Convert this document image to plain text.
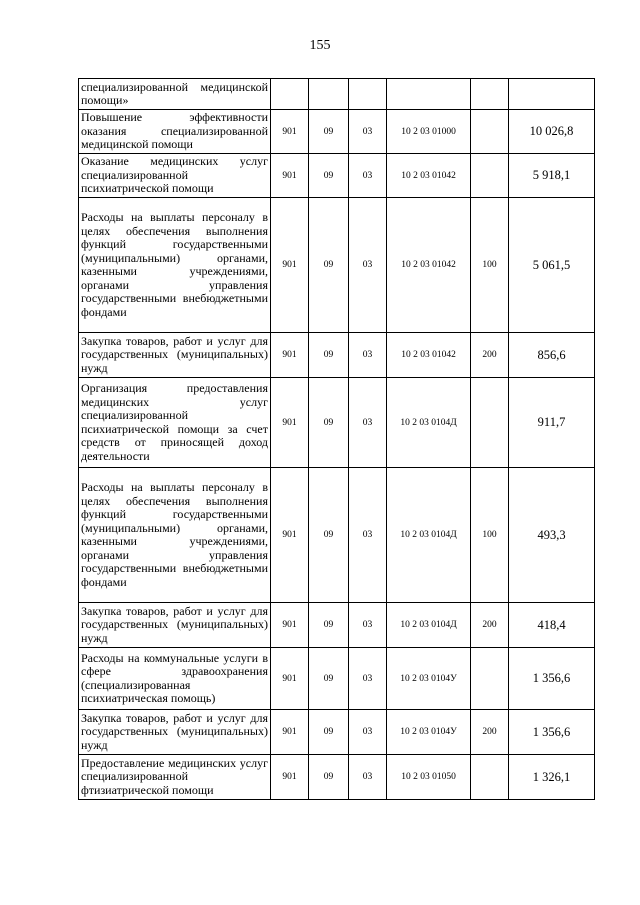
155
специализированной медицинской помощи»						
Повышение эффективности оказания специализированной медицинской помощи	901	09	03	10 2 03 01000		10 026,8
Оказание медицинских услуг специализированной психиатрической помощи	901	09	03	10 2 03 01042		5 918,1
Расходы на выплаты персоналу в целях обеспечения выполнения функций государственными (муниципальными) органами, казенными учреждениями, органами управления государственными внебюджетными фондами	901	09	03	10 2 03 01042	100	5 061,5
Закупка товаров, работ и услуг для государственных (муниципальных) нужд	901	09	03	10 2 03 01042	200	856,6
Организация предоставления медицинских услуг специализированной психиатрической помощи за счет средств от приносящей доход деятельности	901	09	03	10 2 03 0104Д		911,7
Расходы на выплаты персоналу в целях обеспечения выполнения функций государственными (муниципальными) органами, казенными учреждениями, органами управления государственными внебюджетными фондами	901	09	03	10 2 03 0104Д	100	493,3
Закупка товаров, работ и услуг для государственных (муниципальных) нужд	901	09	03	10 2 03 0104Д	200	418,4
Расходы на коммунальные услуги в сфере здравоохранения (специализированная психиатрическая помощь)	901	09	03	10 2 03 0104У		1 356,6
Закупка товаров, работ и услуг для государственных (муниципальных) нужд	901	09	03	10 2 03 0104У	200	1 356,6
Предоставление медицинских услуг специализированной фтизиатрической помощи	901	09	03	10 2 03 01050		1 326,1
